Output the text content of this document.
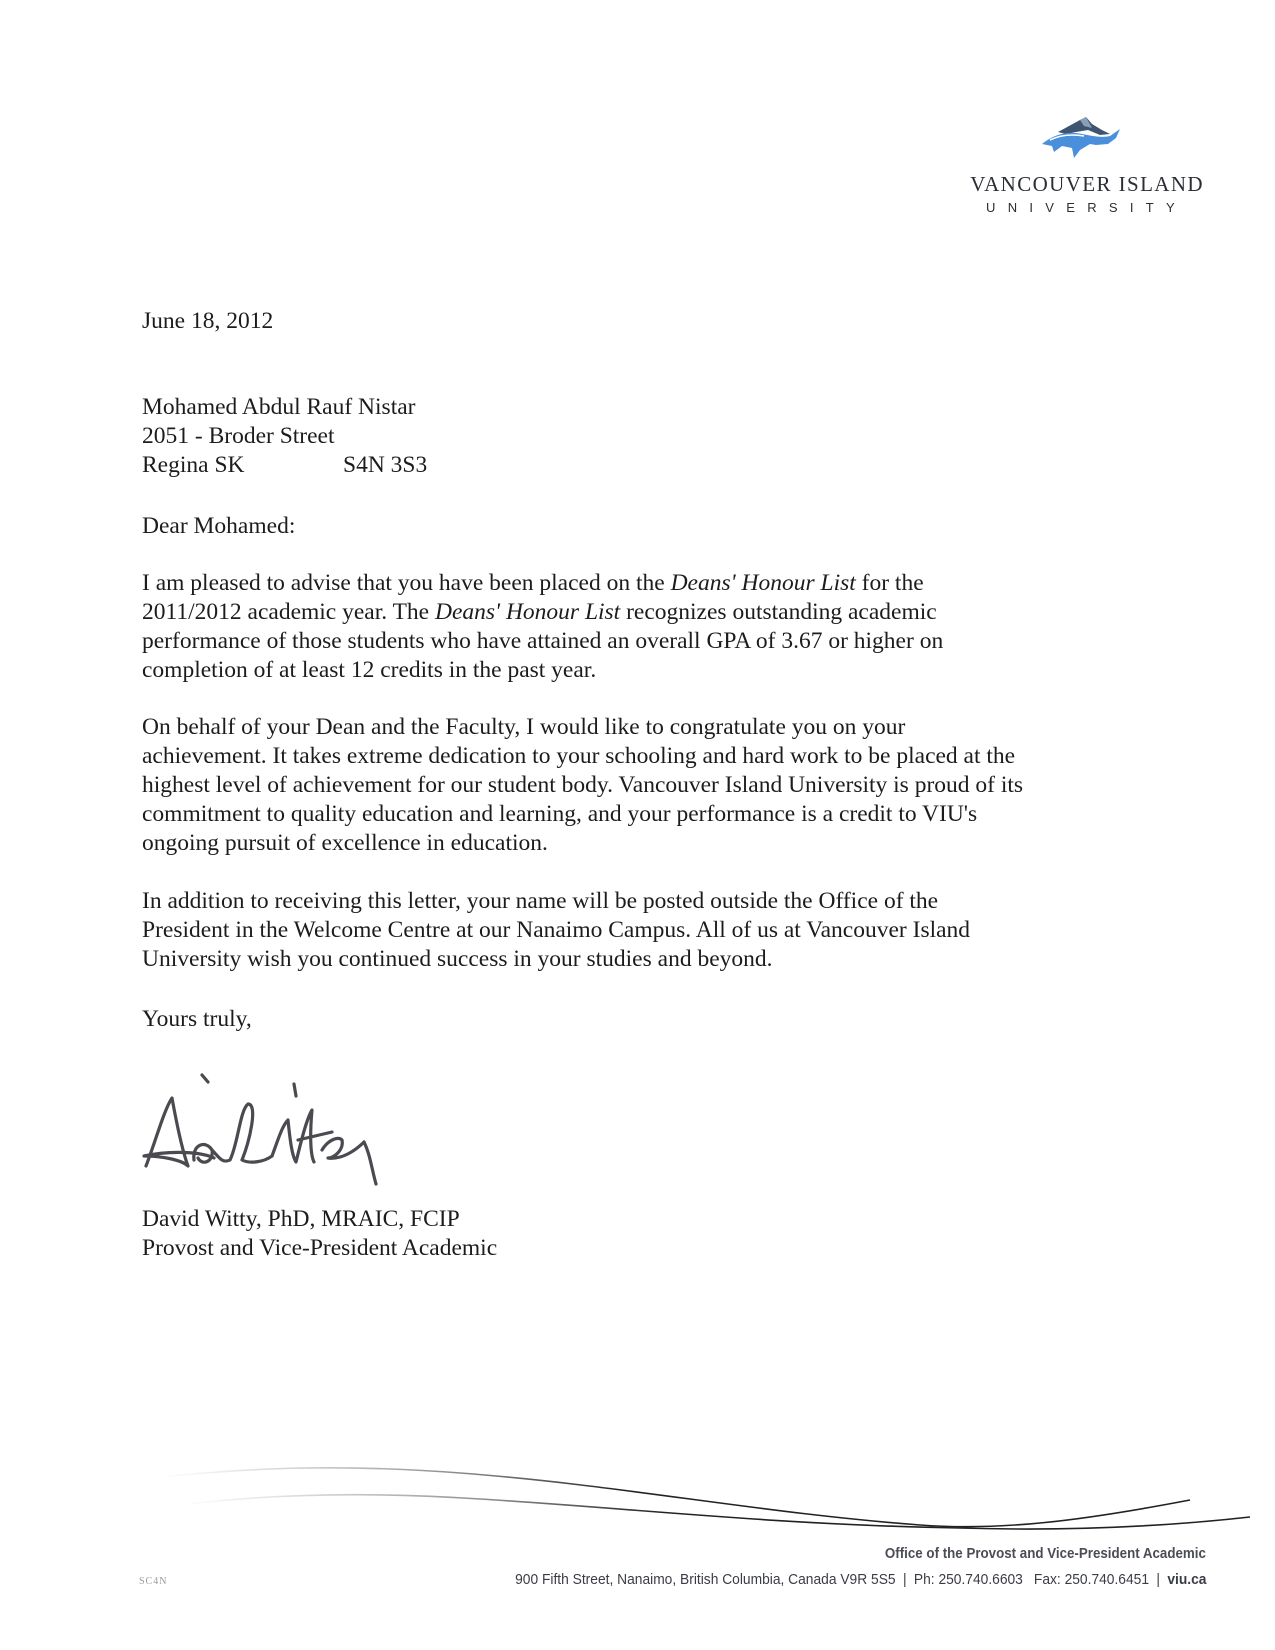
VANCOUVER ISLAND
UNIVERSITY
June 18, 2012
Mohamed Abdul Rauf Nistar
2051 - Broder Street
Regina SK	S4N 3S3
Dear Mohamed:
I am pleased to advise that you have been placed on the Deans' Honour List for the
2011/2012 academic year. The Deans' Honour List recognizes outstanding academic
performance of those students who have attained an overall GPA of 3.67 or higher on
completion of at least 12 credits in the past year.
On behalf of your Dean and the Faculty, I would like to congratulate you on your
achievement. It takes extreme dedication to your schooling and hard work to be placed at the
highest level of achievement for our student body. Vancouver Island University is proud of its
commitment to quality education and learning, and your performance is a credit to VIU's
ongoing pursuit of excellence in education.
In addition to receiving this letter, your name will be posted outside the Office of the
President in the Welcome Centre at our Nanaimo Campus. All of us at Vancouver Island
University wish you continued success in your studies and beyond.
Yours truly,
David Witty, PhD, MRAIC, FCIP
Provost and Vice-President Academic
Office of the Provost and Vice-President Academic
900 Fifth Street, Nanaimo, British Columbia, Canada V9R 5S5 | Ph: 250.740.6603 Fax: 250.740.6451 | viu.ca
SC4N
